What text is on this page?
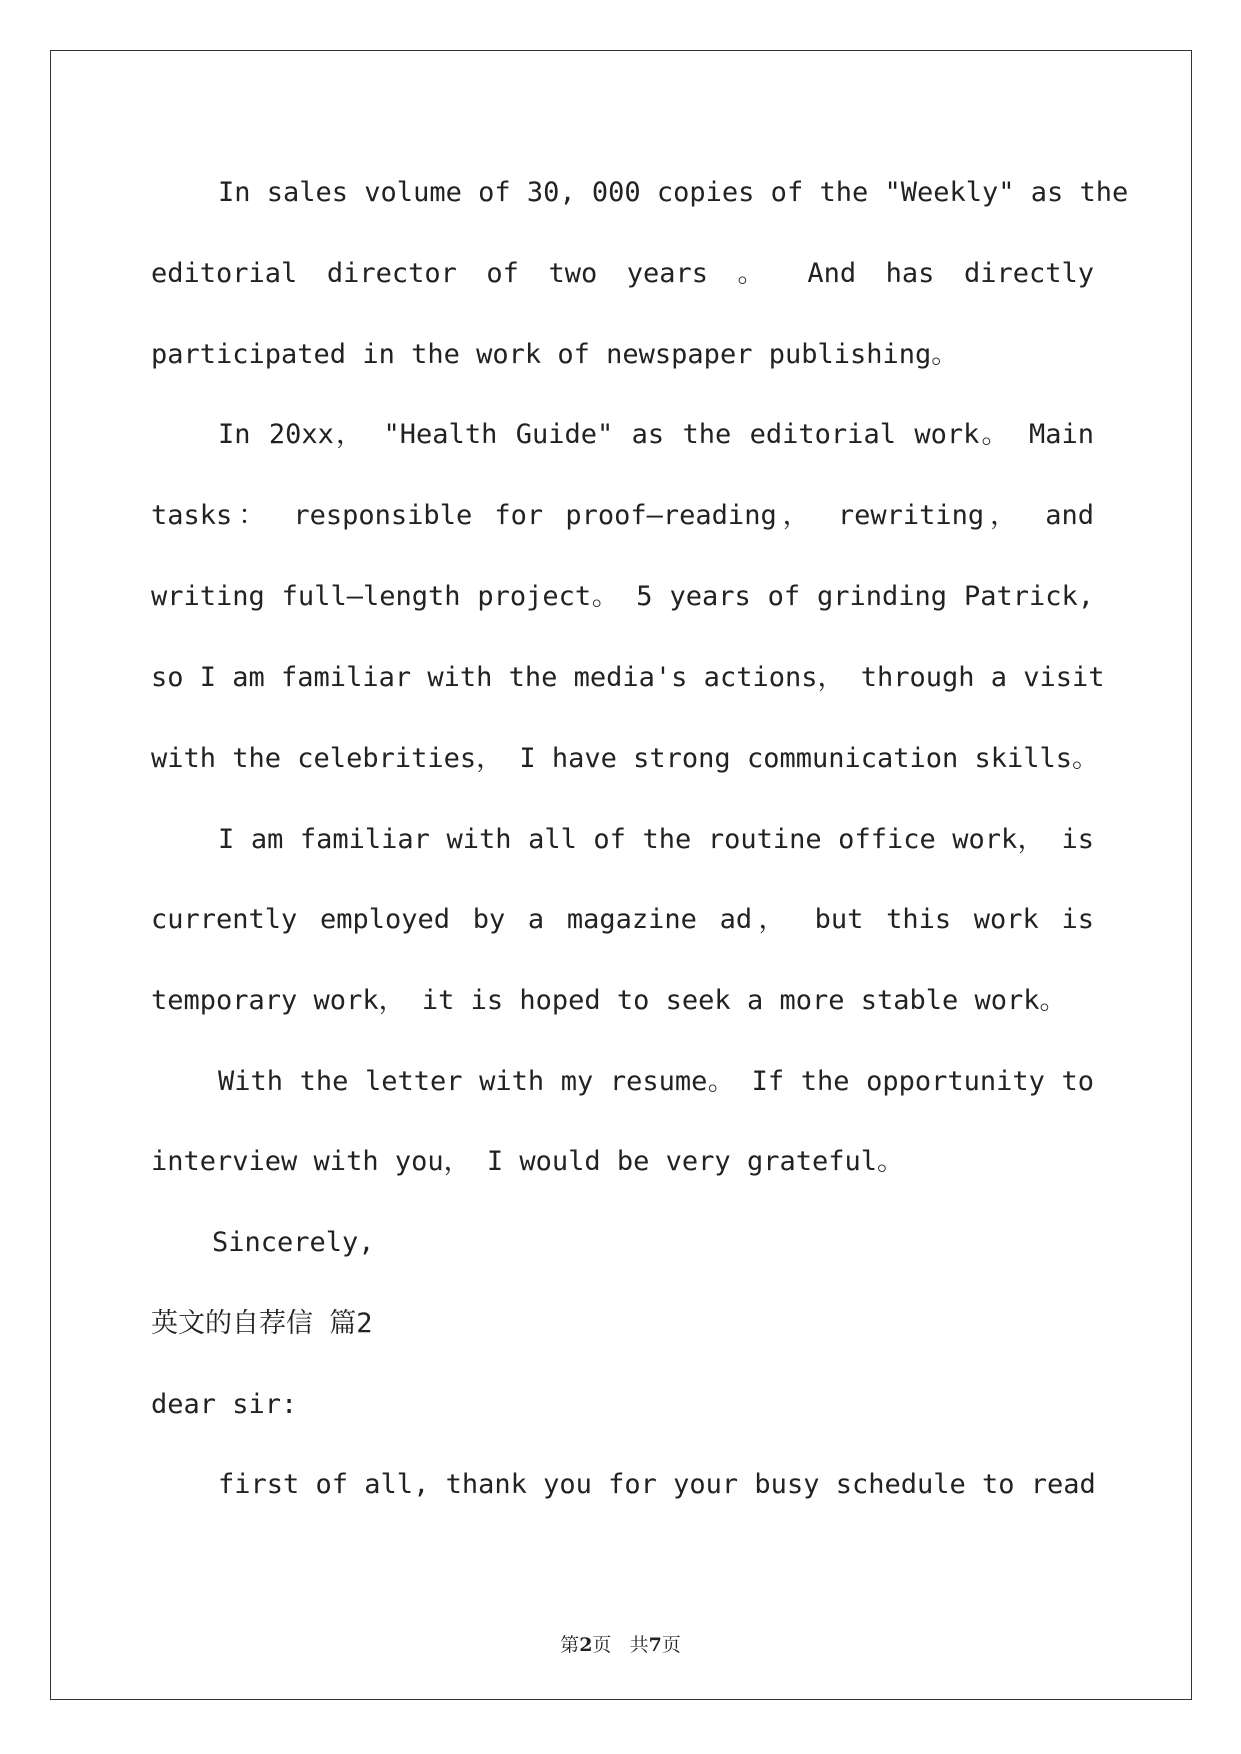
In sales volume of 30, 000 copies of the "Weekly" as the
editorial director of two years 。 And has directly
participated in the work of newspaper publishing。
In 20xx， "Health Guide" as the editorial work。 Main
tasks： responsible for proof—reading， rewriting， and
writing full—length project。 5 years of grinding Patrick,
so I am familiar with the media's actions， through a visit
with the celebrities， I have strong communication skills。
I am familiar with all of the routine office work， is
currently employed by a magazine ad， but this work is
temporary work， it is hoped to seek a more stable work。
With the letter with my resume。 If the opportunity to
interview with you， I would be very grateful。
Sincerely,
英文的自荐信 篇2
dear sir:
first of all, thank you for your busy schedule to read
第2页 共7页
